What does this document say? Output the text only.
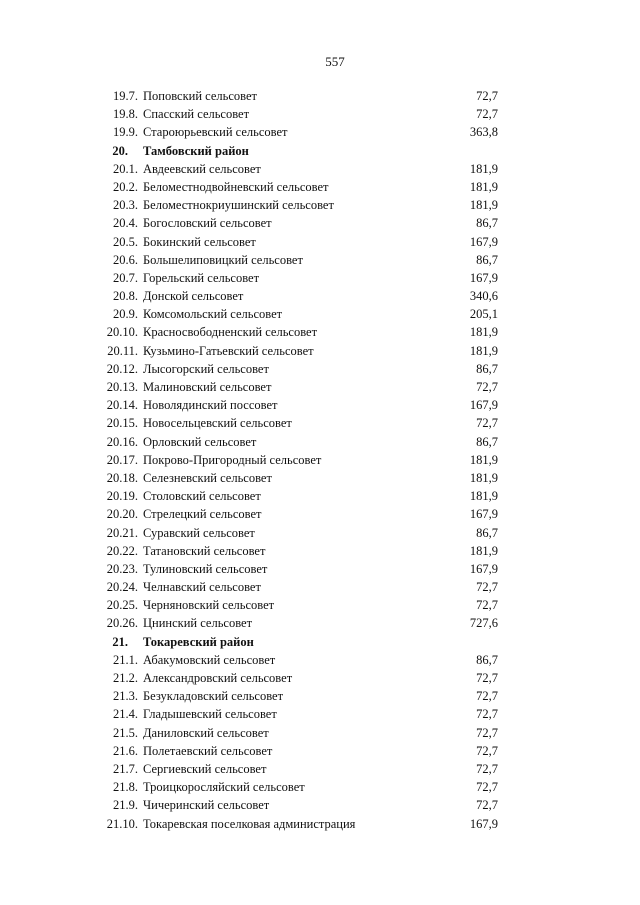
557
19.7. Поповский сельсовет	72,7
19.8. Спасский сельсовет	72,7
19.9. Староюрьевский сельсовет	363,8
20. Тамбовский район
20.1. Авдеевский сельсовет	181,9
20.2. Беломестнодвойневский сельсовет	181,9
20.3. Беломестнокриушинский сельсовет	181,9
20.4. Богословский сельсовет	86,7
20.5. Бокинский сельсовет	167,9
20.6. Большелиповицкий сельсовет	86,7
20.7. Горельский сельсовет	167,9
20.8. Донской сельсовет	340,6
20.9. Комсомольский сельсовет	205,1
20.10. Красносвободненский сельсовет	181,9
20.11. Кузьмино-Гатьевский сельсовет	181,9
20.12. Лысогорский сельсовет	86,7
20.13. Малиновский сельсовет	72,7
20.14. Новолядинский поссовет	167,9
20.15. Новосельцевский сельсовет	72,7
20.16. Орловский сельсовет	86,7
20.17. Покрово-Пригородный сельсовет	181,9
20.18. Селезневский сельсовет	181,9
20.19. Столовский сельсовет	181,9
20.20. Стрелецкий сельсовет	167,9
20.21. Суравский сельсовет	86,7
20.22. Татановский сельсовет	181,9
20.23. Тулиновский сельсовет	167,9
20.24. Челнавский сельсовет	72,7
20.25. Черняновский сельсовет	72,7
20.26. Цнинский сельсовет	727,6
21. Токаревский район
21.1. Абакумовский сельсовет	86,7
21.2. Александровский сельсовет	72,7
21.3. Безукладовский сельсовет	72,7
21.4. Гладышевский сельсовет	72,7
21.5. Даниловский сельсовет	72,7
21.6. Полетаевский сельсовет	72,7
21.7. Сергиевский сельсовет	72,7
21.8. Троицкоросляйский сельсовет	72,7
21.9. Чичеринский сельсовет	72,7
21.10. Токаревская поселковая администрация	167,9
